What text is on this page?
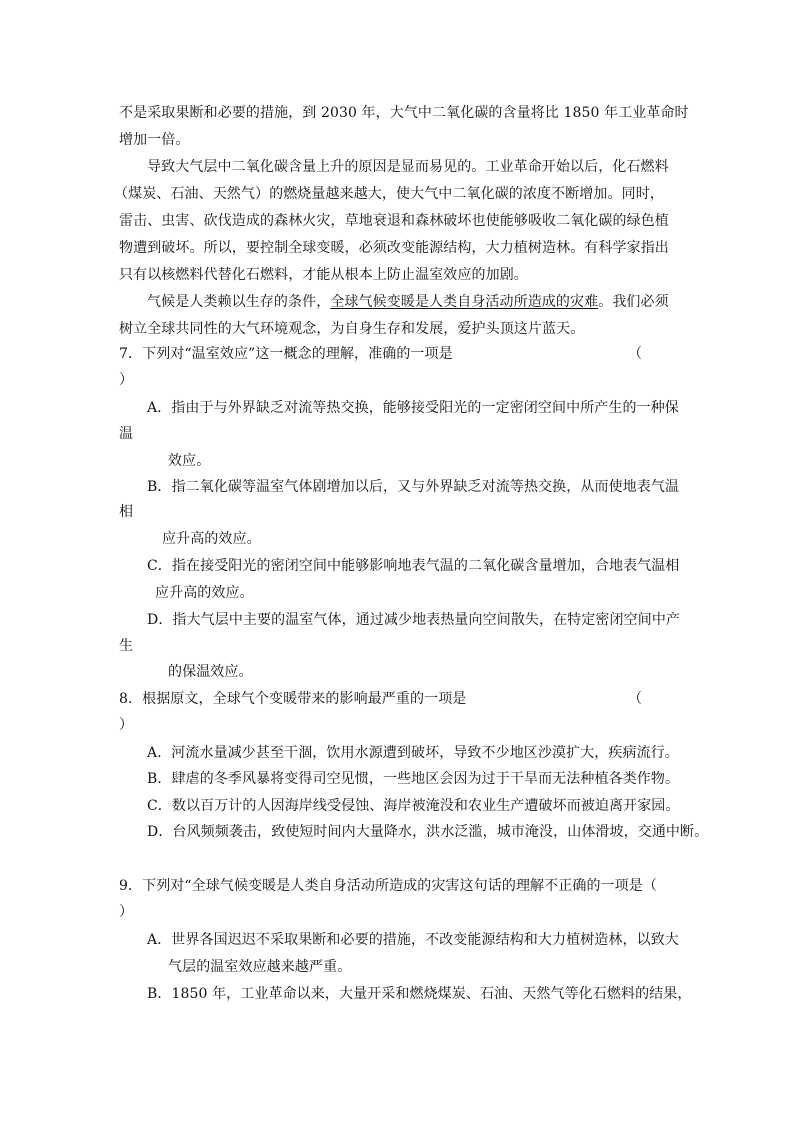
不是采取果断和必要的措施，到 2030 年，大气中二氧化碳的含量将比 1850 年工业革命时
增加一倍。
导致大气层中二氧化碳含量上升的原因是显而易见的。工业革命开始以后，化石燃料
（煤炭、石油、天然气）的燃烧量越来越大，使大气中二氧化碳的浓度不断增加。同时，
雷击、虫害、砍伐造成的森林火灾，草地衰退和森林破坏也使能够吸收二氧化碳的绿色植
物遭到破坏。所以，要控制全球变暖，必须改变能源结构，大力植树造林。有科学家指出
只有以核燃料代替化石燃料，才能从根本上防止温室效应的加剧。
气候是人类赖以生存的条件，全球气候变暖是人类自身活动所造成的灾难。我们必须
树立全球共同性的大气环境观念，为自身生存和发展，爱护头顶这片蓝天。
7．下列对“温室效应”这一概念的理解，准确的一项是	（
）
A．指由于与外界缺乏对流等热交换，能够接受阳光的一定密闭空间中所产生的一种保
温
效应。
B．指二氧化碳等温室气体剧增加以后，又与外界缺乏对流等热交换，从而使地表气温
相
应升高的效应。
C．指在接受阳光的密闭空间中能够影响地表气温的二氧化碳含量增加，合地表气温相
应升高的效应。
D．指大气层中主要的温室气体，通过减少地表热量向空间散失，在特定密闭空间中产
生
的保温效应。
8．根据原文，全球气个变暖带来的影响最严重的一项是	（
）
A．河流水量减少甚至干涸，饮用水源遭到破坏，导致不少地区沙漠扩大，疾病流行。
B．肆虐的冬季风暴将变得司空见惯，一些地区会因为过于干旱而无法种植各类作物。
C．数以百万计的人因海岸线受侵蚀、海岸被淹没和农业生产遭破坏而被迫离开家园。
D．台风频频袭击，致使短时间内大量降水，洪水泛滥，城市淹没，山体滑坡，交通中断。
9．下列对“全球气候变暖是人类自身活动所造成的灾害这句话的理解不正确的一项是（
）
A．世界各国迟迟不采取果断和必要的措施，不改变能源结构和大力植树造林，以致大
气层的温室效应越来越严重。
B．1850 年，工业革命以来，大量开采和燃烧煤炭、石油、天然气等化石燃料的结果，
